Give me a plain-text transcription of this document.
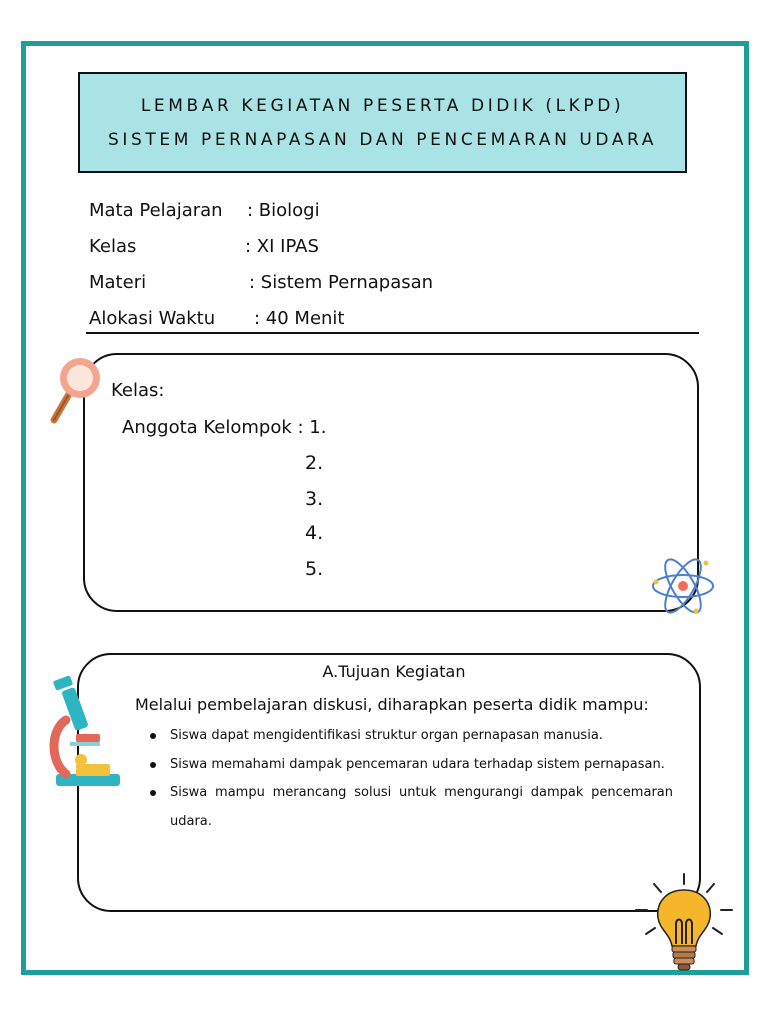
LEMBAR KEGIATAN PESERTA DIDIK (LKPD)
SISTEM PERNAPASAN DAN PENCEMARAN UDARA
Mata Pelajaran : Biologi
Kelas	: XI IPAS
Materi	: Sistem Pernapasan
Alokasi Waktu : 40 Menit
Kelas:
Anggota Kelompok : 1.
2.
3.
4.
5.
A.Tujuan Kegiatan
Melalui pembelajaran diskusi, diharapkan peserta didik mampu:
Siswa dapat mengidentifikasi struktur organ pernapasan manusia.
Siswa memahami dampak pencemaran udara terhadap sistem pernapasan.
Siswa mampu merancang solusi untuk mengurangi dampak pencemaran udara.
